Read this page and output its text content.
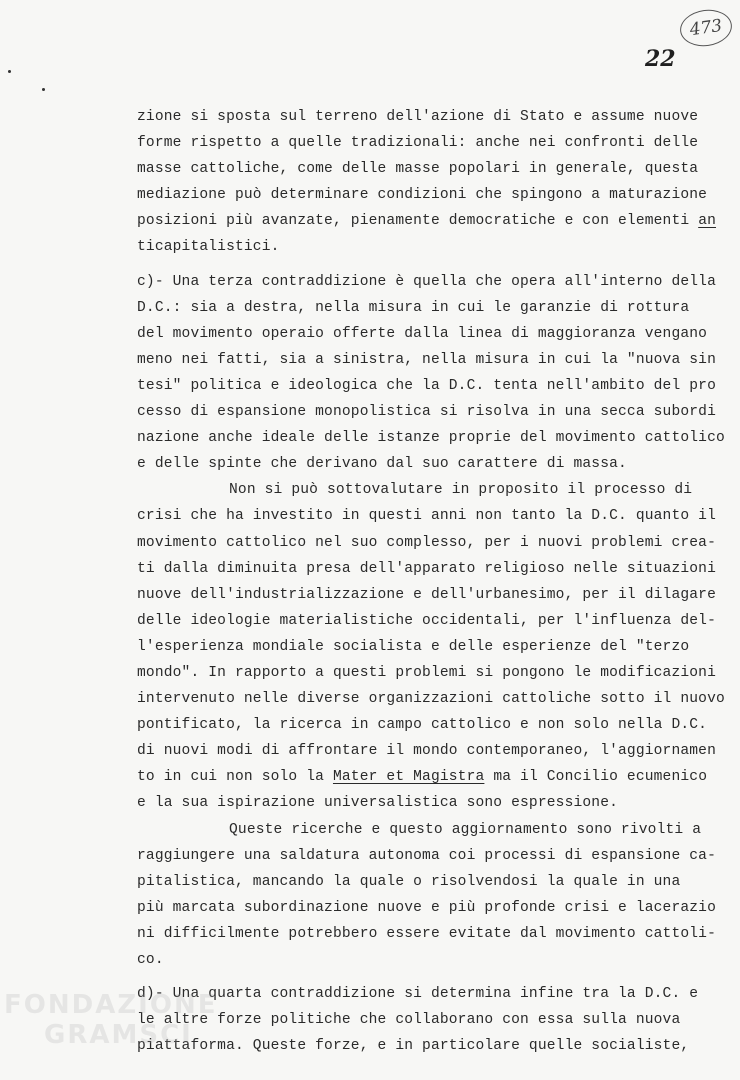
473
22
zione si sposta sul terreno dell'azione di Stato e assume nuove
forme rispetto a quelle tradizionali: anche nei confronti delle
masse cattoliche, come delle masse popolari in generale, questa
mediazione può determinare condizioni che spingono a maturazione
posizioni più avanzate, pienamente democratiche e con elementi an
ticapitalistici.
c)- Una terza contraddizione è quella che opera all'interno della
D.C.: sia a destra, nella misura in cui le garanzie di rottura
del movimento operaio offerte dalla linea di maggioranza vengano
meno nei fatti, sia a sinistra, nella misura in cui la "nuova sin
tesi" politica e ideologica che la D.C. tenta nell'ambito del pro
cesso di espansione monopolistica si risolva in una secca subordi
nazione anche ideale delle istanze proprie del movimento cattolico
e delle spinte che derivano dal suo carattere di massa.
Non si può sottovalutare in proposito il processo di
crisi che ha investito in questi anni non tanto la D.C. quanto il
movimento cattolico nel suo complesso, per i nuovi problemi crea-
ti dalla diminuita presa dell'apparato religioso nelle situazioni
nuove dell'industrializzazione e dell'urbanesimo, per il dilagare
delle ideologie materialistiche occidentali, per l'influenza del-
l'esperienza mondiale socialista e delle esperienze del "terzo
mondo". In rapporto a questi problemi si pongono le modificazioni
intervenuto nelle diverse organizzazioni cattoliche sotto il nuovo
pontificato, la ricerca in campo cattolico e non solo nella D.C.
di nuovi modi di affrontare il mondo contemporaneo, l'aggiornamen
to in cui non solo la Mater et Magistra ma il Concilio ecumenico
e la sua ispirazione universalistica sono espressione.
Queste ricerche e questo aggiornamento sono rivolti a
raggiungere una saldatura autonoma coi processi di espansione ca-
pitalistica, mancando la quale o risolvendosi la quale in una
più marcata subordinazione nuove e più profonde crisi e lacerazio
ni difficilmente potrebbero essere evitate dal movimento cattoli-
co.
d)- Una quarta contraddizione si determina infine tra la D.C. e
le altre forze politiche che collaborano con essa sulla nuova
piattaforma. Queste forze, e in particolare quelle socialiste,
FONDAZIONE
GRAMSCI
